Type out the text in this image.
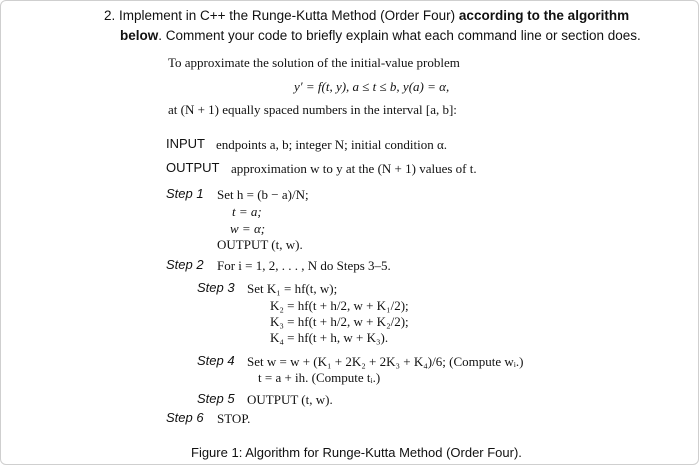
2. Implement in C++ the Runge-Kutta Method (Order Four) according to the algorithm
below. Comment your code to briefly explain what each command line or section does.
To approximate the solution of the initial-value problem
y′ = f(t, y), a ≤ t ≤ b, y(a) = α,
at (N + 1) equally spaced numbers in the interval [a, b]:
INPUT endpoints a, b; integer N; initial condition α.
OUTPUT approximation w to y at the (N + 1) values of t.
Step 1 Set h = (b − a)/N;
t = a;
w = α;
OUTPUT (t, w).
Step 2 For i = 1, 2, . . . , N do Steps 3–5.
Step 3 Set K₁ = hf(t, w);
K₂ = hf(t + h/2, w + K₁/2);
K₃ = hf(t + h/2, w + K₂/2);
K₄ = hf(t + h, w + K₃).
Step 4 Set w = w + (K₁ + 2K₂ + 2K₃ + K₄)/6; (Compute wᵢ.)
t = a + ih. (Compute tᵢ.)
Step 5 OUTPUT (t, w).
Step 6 STOP.
Figure 1: Algorithm for Runge-Kutta Method (Order Four).
